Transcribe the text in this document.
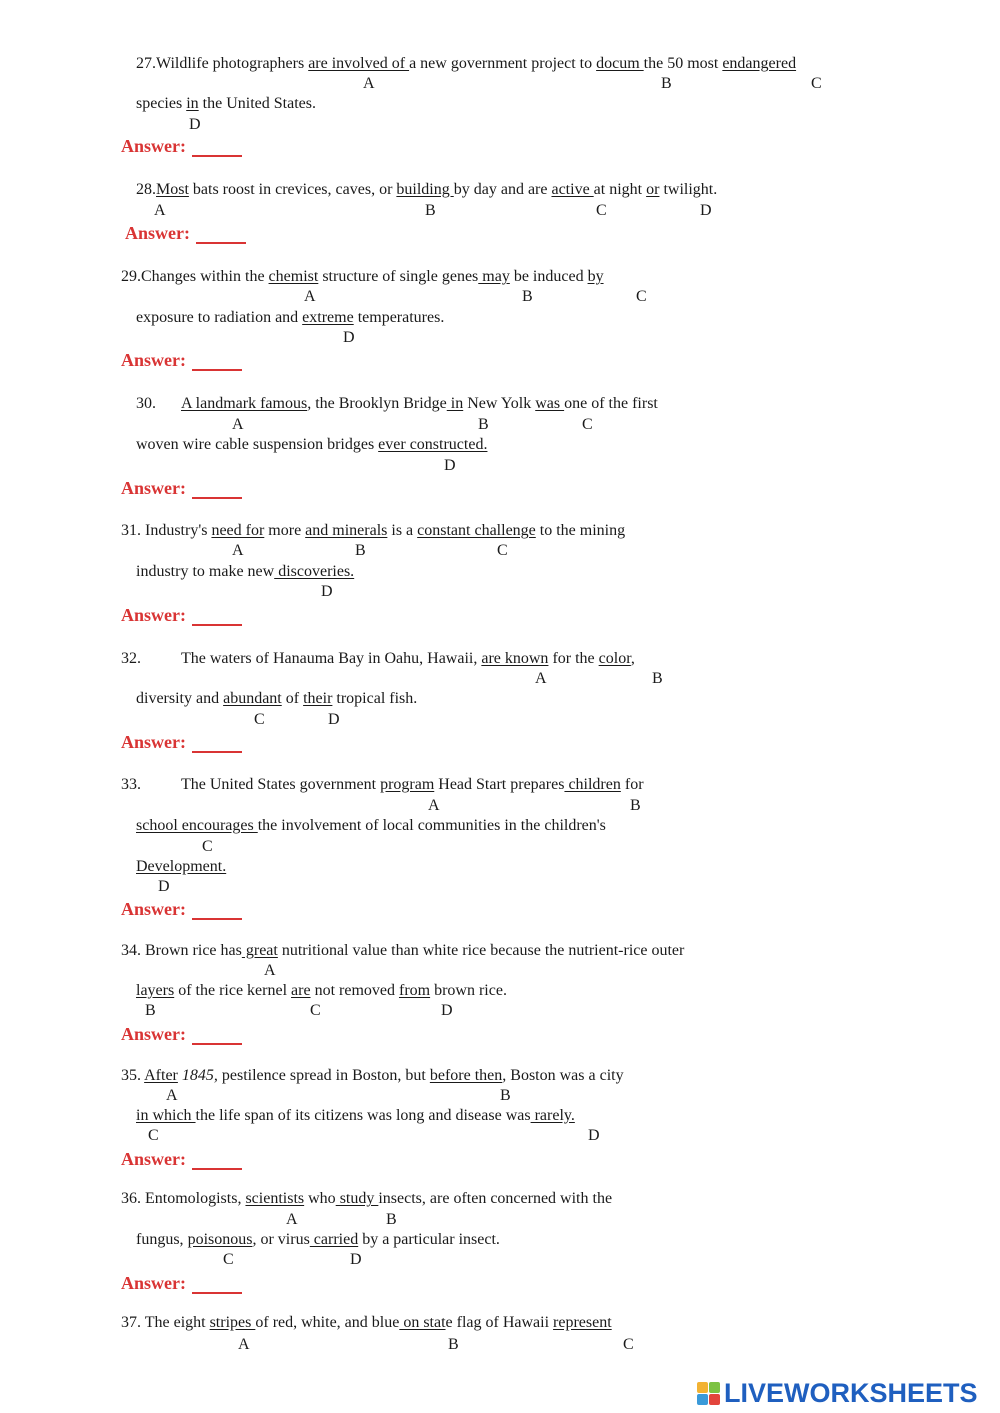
27.Wildlife photographers are involved of a new government project to docum the 50 most endangered
A	B	C
species in the United States.
D
Answer:
28.Most bats roost in crevices, caves, or building by day and are active at night or twilight.
A	B	C	D
Answer:
29.Changes within the chemist structure of single genes may be induced by
A	B	C
exposure to radiation and extreme temperatures.
D
Answer:
30. A landmark famous, the Brooklyn Bridge in New Yolk was one of the first
A	B	C
woven wire cable suspension bridges ever constructed.
D
Answer:
31. Industry's need for more and minerals is a constant challenge to the mining
A	B	C
industry to make new discoveries.
D
Answer:
32.	The waters of Hanauma Bay in Oahu, Hawaii, are known for the color,
A	B
diversity and abundant of their tropical fish.
C	D
Answer:
33.	The United States government program Head Start prepares children for
A	B
school encourages the involvement of local communities in the children's
C
Development.
D
Answer:
34. Brown rice has great nutritional value than white rice because the nutrient-rice outer
A
layers of the rice kernel are not removed from brown rice.
B	C	D
Answer:
35. After 1845, pestilence spread in Boston, but before then, Boston was a city
A	B
in which the life span of its citizens was long and disease was rarely.
C	D
Answer:
36. Entomologists, scientists who study insects, are often concerned with the
A	B
fungus, poisonous, or virus carried by a particular insect.
C	D
Answer:
37. The eight stripes of red, white, and blue on state flag of Hawaii represent
A	B	C
LIVEWORKSHEETS
